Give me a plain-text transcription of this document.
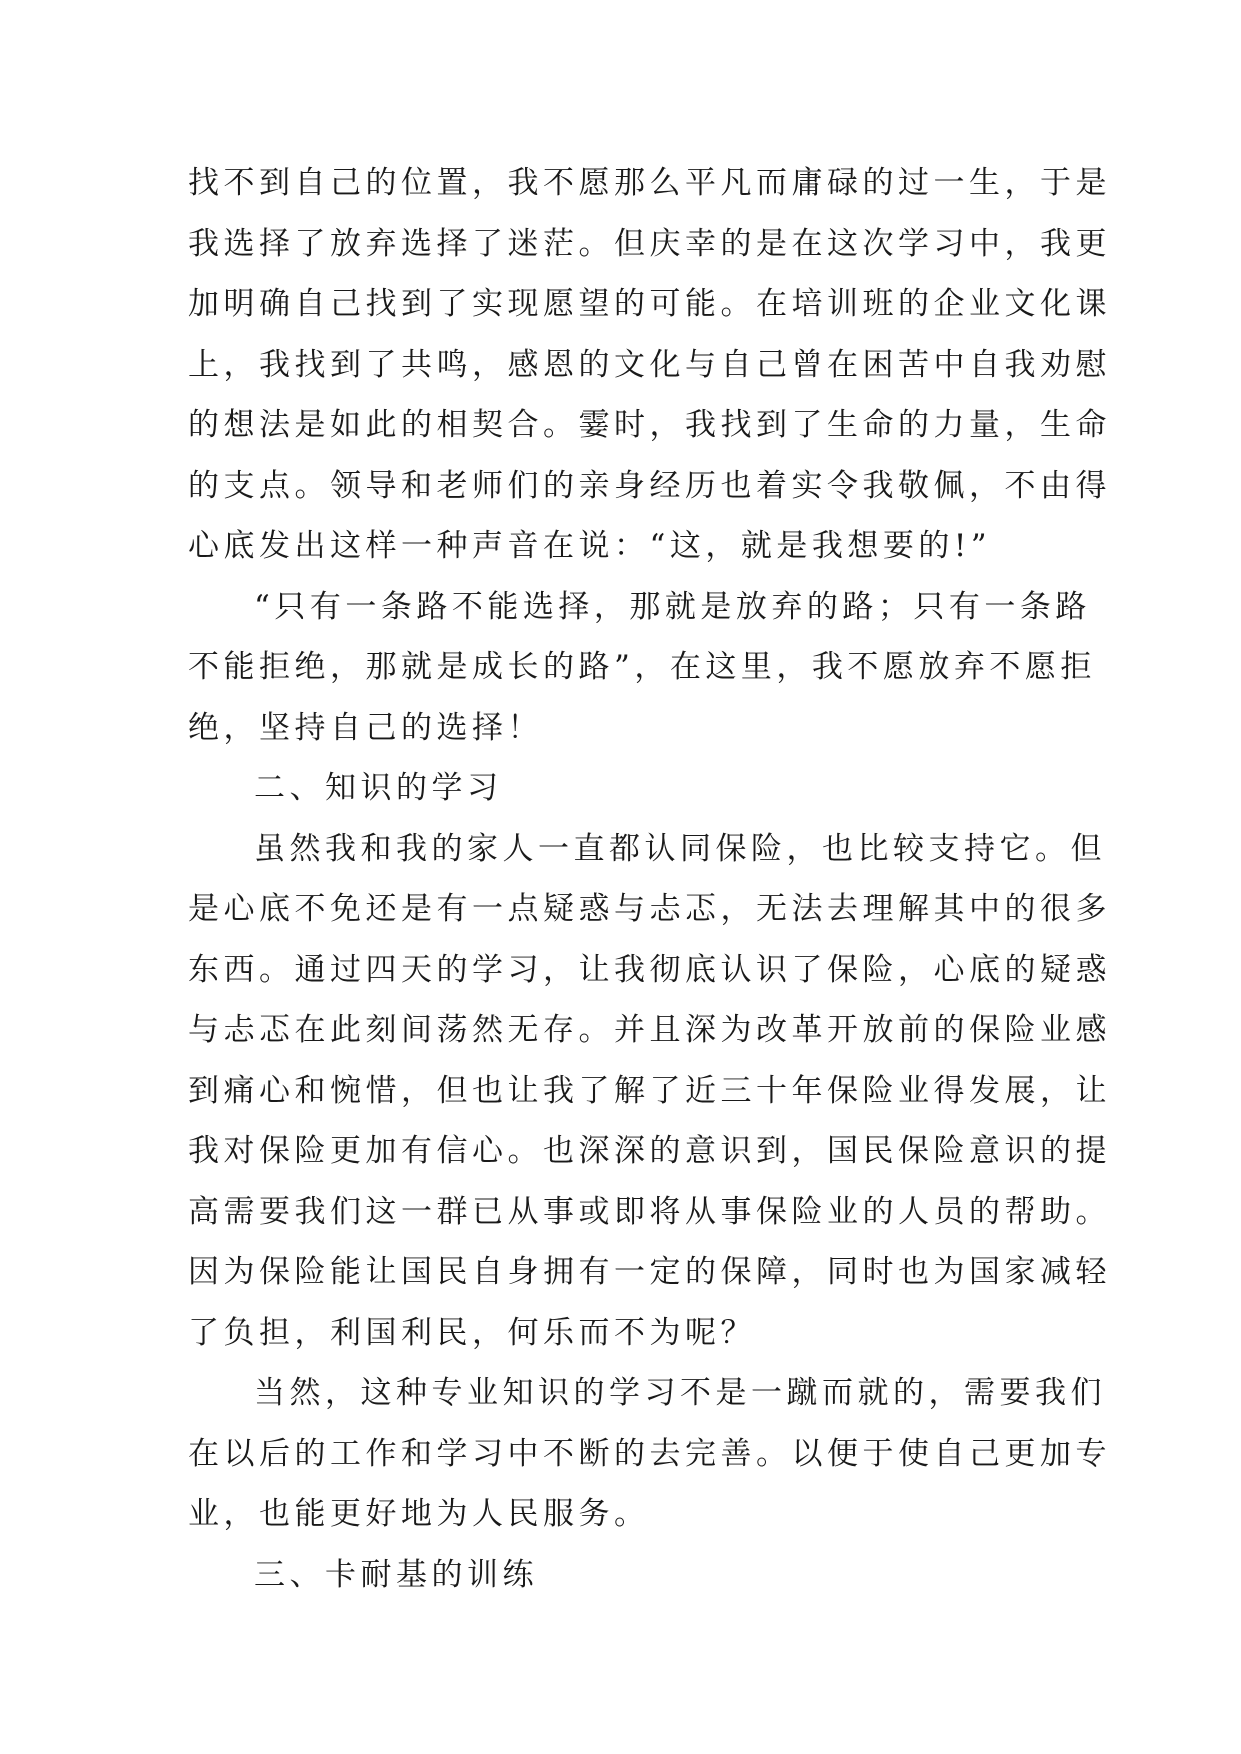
找不到自己的位置，我不愿那么平凡而庸碌的过一生，于是
我选择了放弃选择了迷茫。但庆幸的是在这次学习中，我更
加明确自己找到了实现愿望的可能。在培训班的企业文化课
上，我找到了共鸣，感恩的文化与自己曾在困苦中自我劝慰
的想法是如此的相契合。霎时，我找到了生命的力量，生命
的支点。领导和老师们的亲身经历也着实令我敬佩，不由得
心底发出这样一种声音在说：“这，就是我想要的!”
“只有一条路不能选择，那就是放弃的路；只有一条路
不能拒绝，那就是成长的路”，在这里，我不愿放弃不愿拒
绝，坚持自己的选择！
二、知识的学习
虽然我和我的家人一直都认同保险，也比较支持它。但
是心底不免还是有一点疑惑与忐忑，无法去理解其中的很多
东西。通过四天的学习，让我彻底认识了保险，心底的疑惑
与忐忑在此刻间荡然无存。并且深为改革开放前的保险业感
到痛心和惋惜，但也让我了解了近三十年保险业得发展，让
我对保险更加有信心。也深深的意识到，国民保险意识的提
高需要我们这一群已从事或即将从事保险业的人员的帮助。
因为保险能让国民自身拥有一定的保障，同时也为国家减轻
了负担，利国利民，何乐而不为呢？
当然，这种专业知识的学习不是一蹴而就的，需要我们
在以后的工作和学习中不断的去完善。以便于使自己更加专
业，也能更好地为人民服务。
三、卡耐基的训练
